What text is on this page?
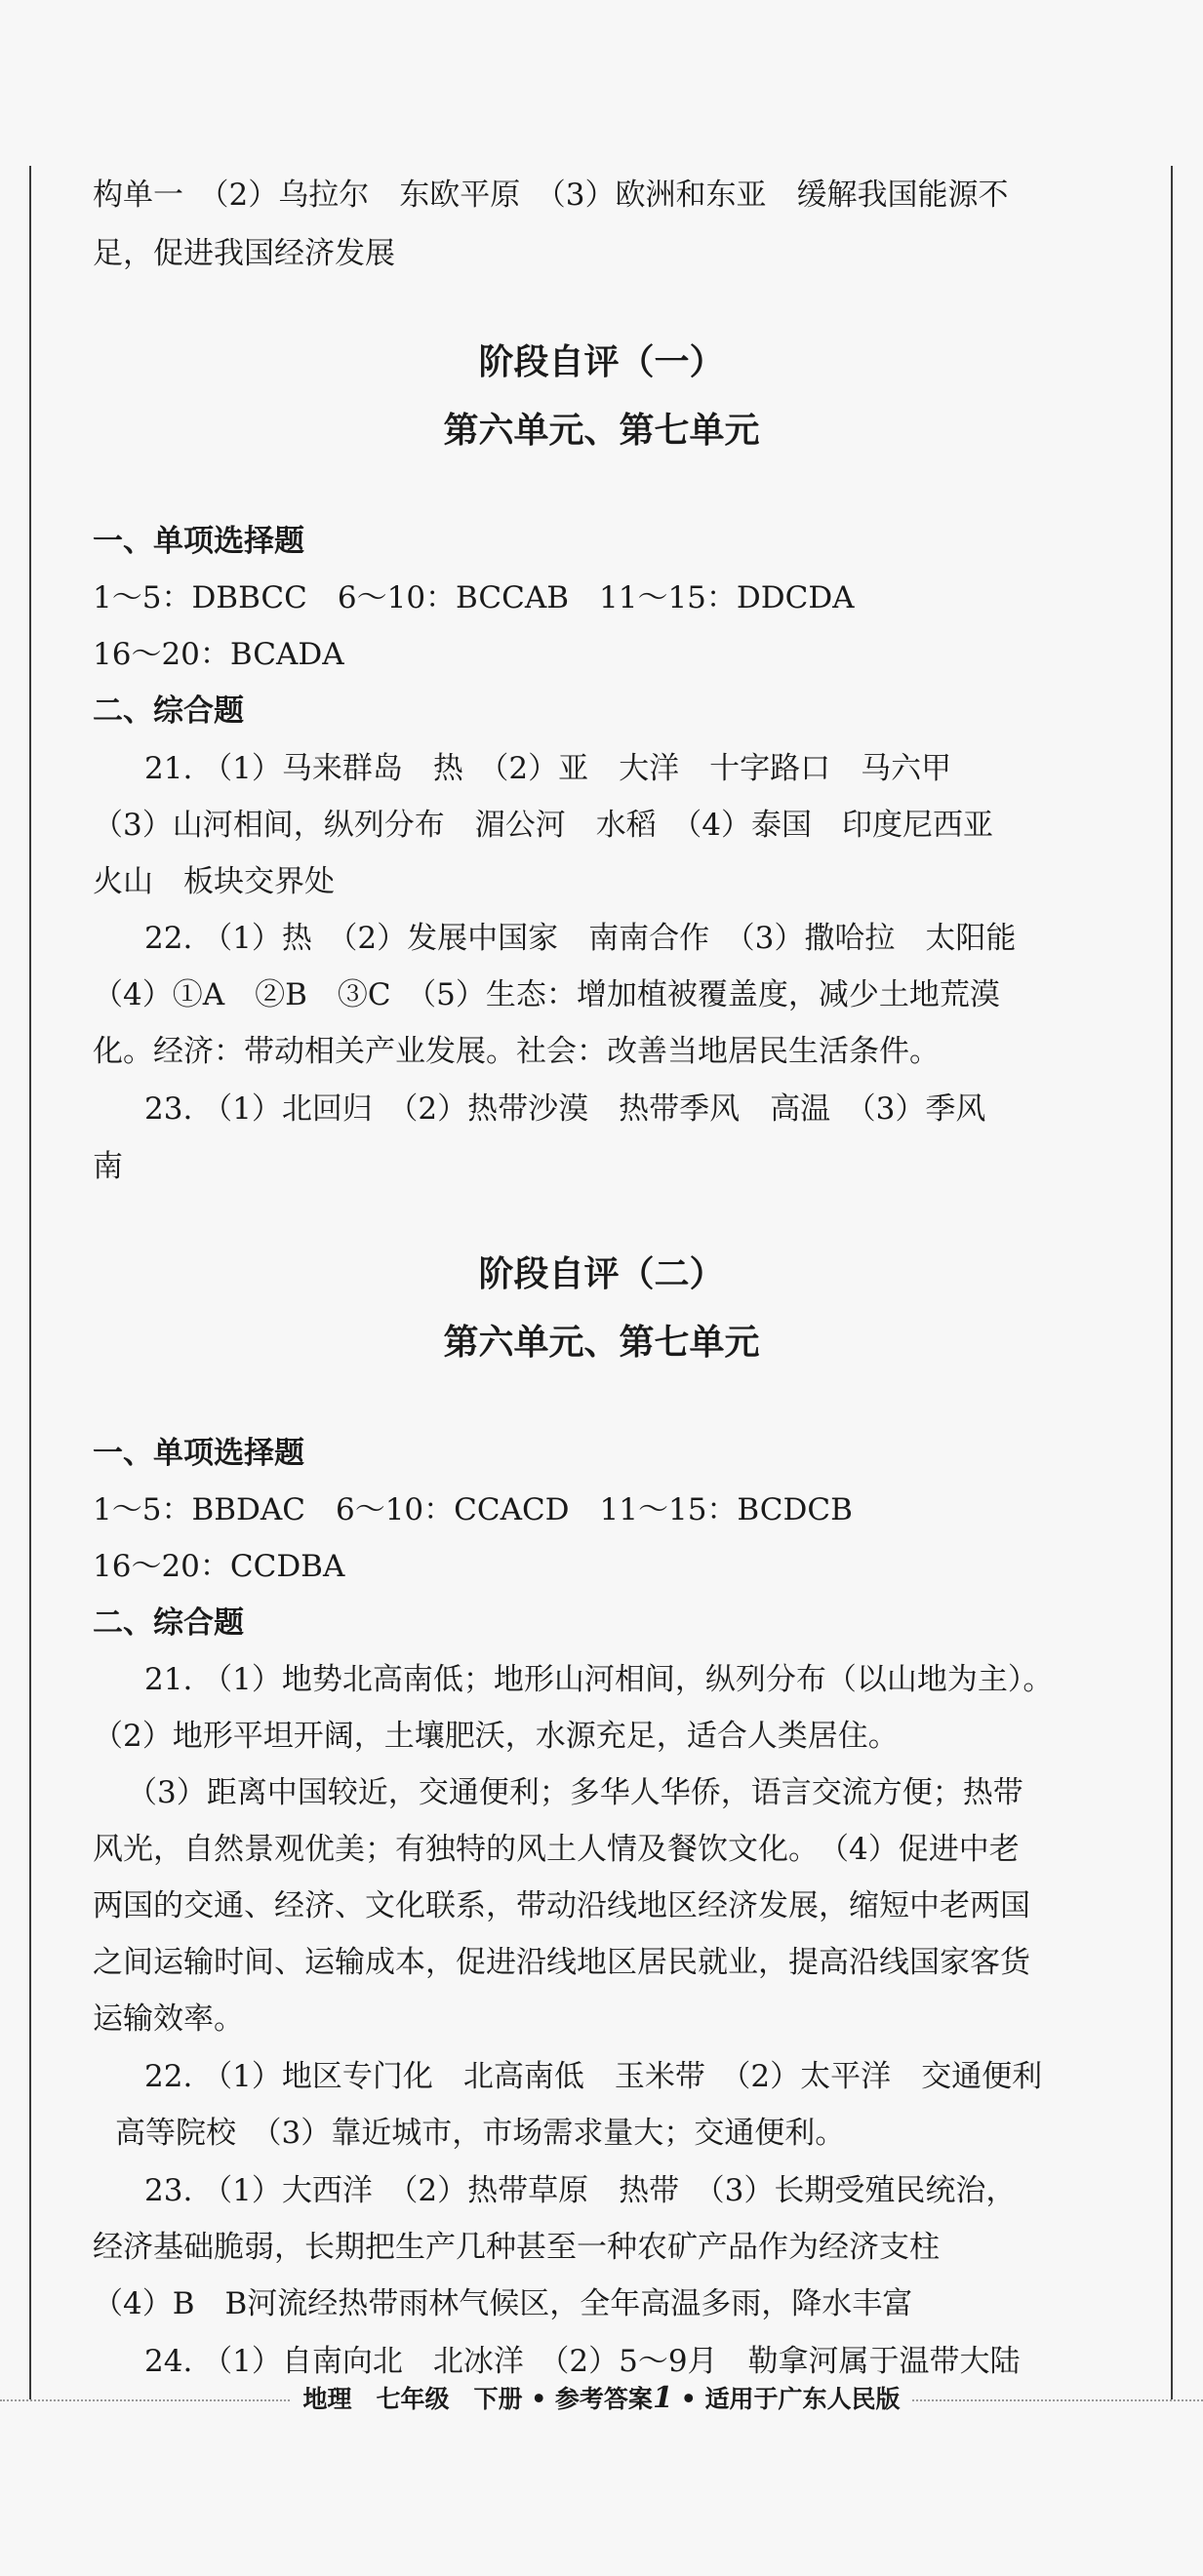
构单一　（2）乌拉尔　东欧平原　（3）欧洲和东亚　缓解我国能源不
足，促进我国经济发展
阶段自评（一）
第六单元、第七单元
一、单项选择题
1～5：DBBCC　6～10：BCCAB　11～15：DDCDA
16～20：BCADA
二、综合题
21. （1）马来群岛　热　（2）亚　大洋　十字路口　马六甲
（3）山河相间，纵列分布　湄公河　水稻　（4）泰国　印度尼西亚
火山　板块交界处
22. （1）热　（2）发展中国家　南南合作　（3）撒哈拉　太阳能
（4）①A　②B　③C　（5）生态：增加植被覆盖度，减少土地荒漠
化。经济：带动相关产业发展。社会：改善当地居民生活条件。
23. （1）北回归　（2）热带沙漠　热带季风　高温　（3）季风
南
阶段自评（二）
第六单元、第七单元
一、单项选择题
1～5：BBDAC　6～10：CCACD　11～15：BCDCB
16～20：CCDBA
二、综合题
21. （1）地势北高南低；地形山河相间，纵列分布（以山地为主）。
（2）地形平坦开阔，土壤肥沃，水源充足，适合人类居住。
（3）距离中国较近，交通便利；多华人华侨，语言交流方便；热带
风光，自然景观优美；有独特的风土人情及餐饮文化。　（4）促进中老
两国的交通、经济、文化联系，带动沿线地区经济发展，缩短中老两国
之间运输时间、运输成本，促进沿线地区居民就业，提高沿线国家客货
运输效率。
22. （1）地区专门化　北高南低　玉米带　（2）太平洋　交通便利
高等院校　（3）靠近城市，市场需求量大；交通便利。
23. （1）大西洋　（2）热带草原　热带　（3）长期受殖民统治，
经济基础脆弱，长期把生产几种甚至一种农矿产品作为经济支柱
（4）B　B河流经热带雨林气候区，全年高温多雨，降水丰富
24. （1）自南向北　北冰洋　（2）5～9月　勒拿河属于温带大陆
地理　七年级　下册 • 参考答案1 • 适用于广东人民版
